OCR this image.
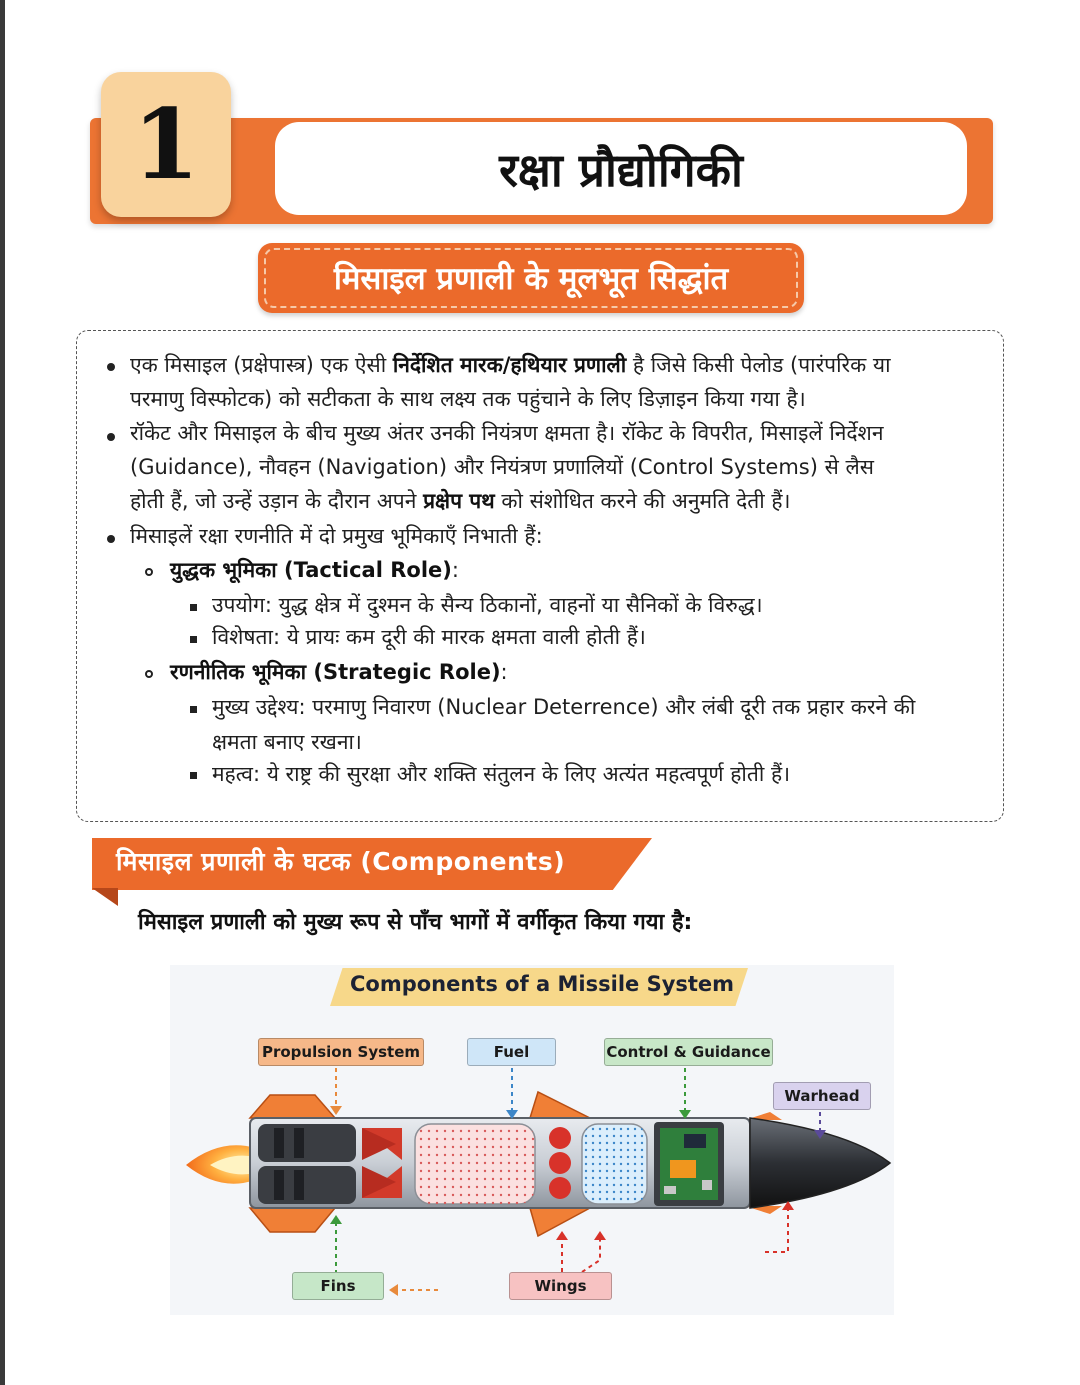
रक्षा प्रौद्योगिकी
1
मिसाइल प्रणाली के मूलभूत सिद्धांत
एक मिसाइल (प्रक्षेपास्त्र) एक ऐसी निर्देशित मारक/हथियार प्रणाली है जिसे किसी पेलोड (पारंपरिक या
परमाणु विस्फोटक) को सटीकता के साथ लक्ष्य तक पहुंचाने के लिए डिज़ाइन किया गया है।
रॉकेट और मिसाइल के बीच मुख्य अंतर उनकी नियंत्रण क्षमता है। रॉकेट के विपरीत, मिसाइलें निर्देशन
(Guidance), नौवहन (Navigation) और नियंत्रण प्रणालियों (Control Systems) से लैस
होती हैं, जो उन्हें उड़ान के दौरान अपने प्रक्षेप पथ को संशोधित करने की अनुमति देती हैं।
मिसाइलें रक्षा रणनीति में दो प्रमुख भूमिकाएँ निभाती हैं:
युद्धक भूमिका (Tactical Role):
उपयोग: युद्ध क्षेत्र में दुश्मन के सैन्य ठिकानों, वाहनों या सैनिकों के विरुद्ध।
विशेषता: ये प्रायः कम दूरी की मारक क्षमता वाली होती हैं।
रणनीतिक भूमिका (Strategic Role):
मुख्य उद्देश्य: परमाणु निवारण (Nuclear Deterrence) और लंबी दूरी तक प्रहार करने की
क्षमता बनाए रखना।
महत्व: ये राष्ट्र की सुरक्षा और शक्ति संतुलन के लिए अत्यंत महत्वपूर्ण होती हैं।
मिसाइल प्रणाली के घटक (Components)
मिसाइल प्रणाली को मुख्य रूप से पाँच भागों में वर्गीकृत किया गया है:
Components of a Missile System
Propulsion System	Fuel	Control & Guidance
Warhead
Fins	Wings
